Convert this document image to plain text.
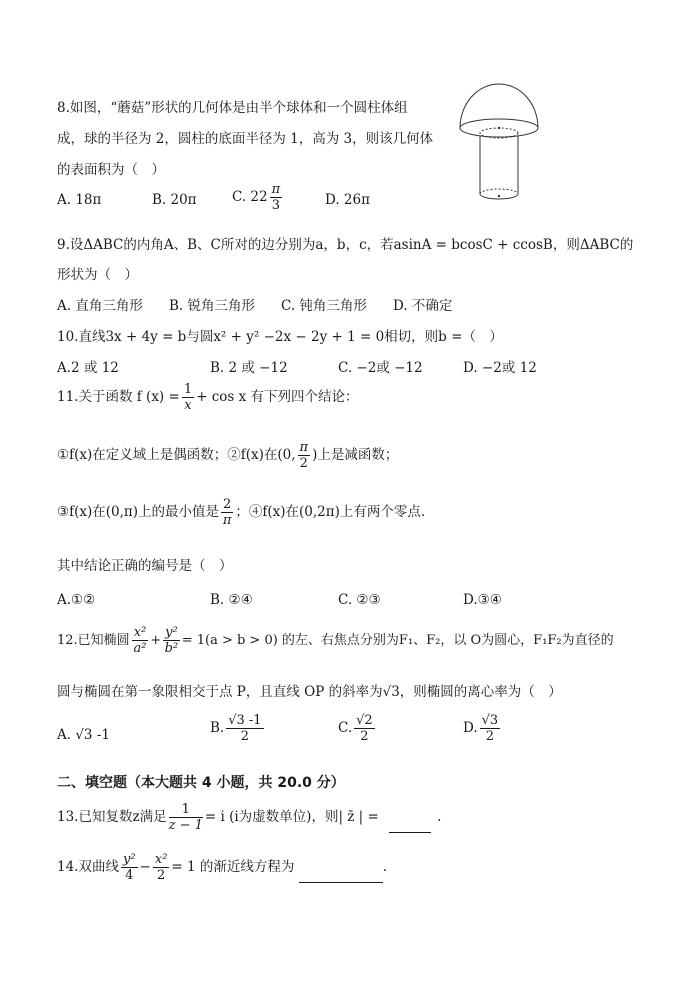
8.如图，“蘑菇”形状的几何体是由半个球体和一个圆柱体组
成，球的半径为 2，圆柱的底面半径为 1，高为 3，则该几何体
的表面积为（　）
A. 18π	B. 20π	C. $22 \frac{\pi}{3}$	D. 26π
9.设ΔABC的内角A、B、C所对的边分别为a，b，c，若asinA = bcosC + ccosB，则ΔABC的
形状为（　）
A. 直角三角形 B. 锐角三角形 C. 钝角三角形 D. 不确定
10.直线3x + 4y = b与圆x² + y² −2x − 2y + 1 = 0相切，则b =（　）
A.2 或 12	B. 2 或 −12	C. −2或 −12	D. −2或 12
11.关于函数 f $(x) = \frac{1}{x} + \cos x$ 有下列四个结论：
①f(x)在定义域上是偶函数；②f(x)在(0, $\frac{\pi}{2}$ )上是减函数；
③f(x)在(0,π)上的最小值是 $\frac{2}{\pi}$ ；④f(x)在(0,2π)上有两个零点.
其中结论正确的编号是（　）
A.①②	B. ②④	C. ②③	D.③④
12.已知椭圆 $\frac{\text{x²}}{\text{a²}} + \frac{\text{y²}}{\text{b²}} = 1(a > b > 0)$ 的左、右焦点分别为F₁、F₂，以 O为圆心，F₁F₂为直径的
圆与椭圆在第一象限相交于点 P，且直线 OP 的斜率为√3，则椭圆的离心率为（　）
A. √3 -1	B. $\frac{√3 -1}{2}$	C. $\frac{√2}{2}$	D. $\frac{√3}{2}$
二、填空题（本大题共 4 小题，共 20.0 分）
13.已知复数z满足 $\frac{1}{z - 1} = i$ (i为虚数单位)，则| z̄ | =	.
14.双曲线 $\frac{\text{y²}}{4} - \frac{\text{x²}}{2} = 1$ 的渐近线方程为	.
